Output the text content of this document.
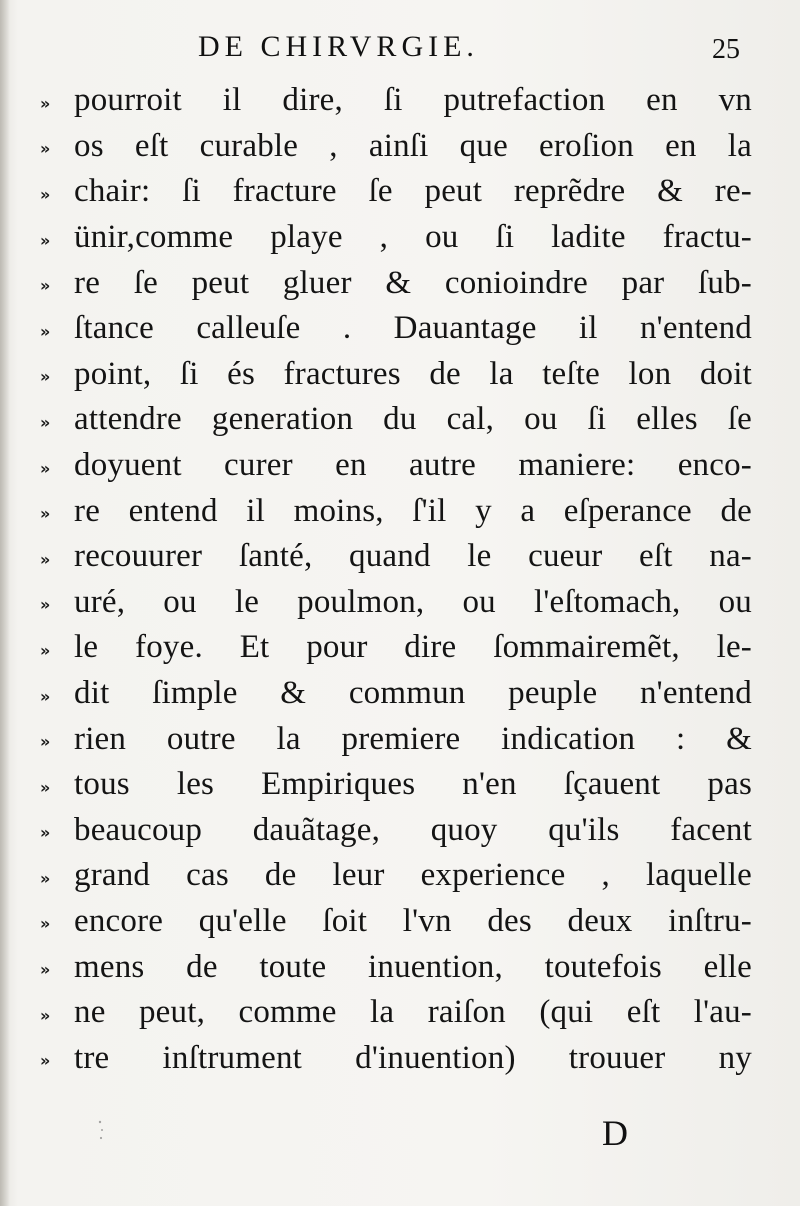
DE CHIRVRGIE.	25
» pourroit il dire, ſi putrefaction en vn
» os eſt curable , ainſi que eroſion en la
» chair: ſi fracture ſe peut reprẽdre & re-
» ünir,comme playe , ou ſi ladite fractu-
» re ſe peut gluer & conioindre par ſub-
» ſtance calleuſe . Dauantage il n'entend
» point, ſi és fractures de la teſte lon doit
» attendre generation du cal, ou ſi elles ſe
» doyuent curer en autre maniere: enco-
» re entend il moins, ſ'il y a eſperance de
» recouurer ſanté, quand le cueur eſt na-
» uré, ou le poulmon, ou l'eſtomach, ou
» le foye. Et pour dire ſommairemẽt, le-
» dit ſimple & commun peuple n'entend
» rien outre la premiere indication : &
» tous les Empiriques n'en ſçauent pas
» beaucoup dauãtage, quoy qu'ils facent
» grand cas de leur experience , laquelle
» encore qu'elle ſoit l'vn des deux inſtru-
» mens de toute inuention, toutefois elle
» ne peut, comme la raiſon (qui eſt l'au-
» tre inſtrument d'inuention) trouuer ny
D
